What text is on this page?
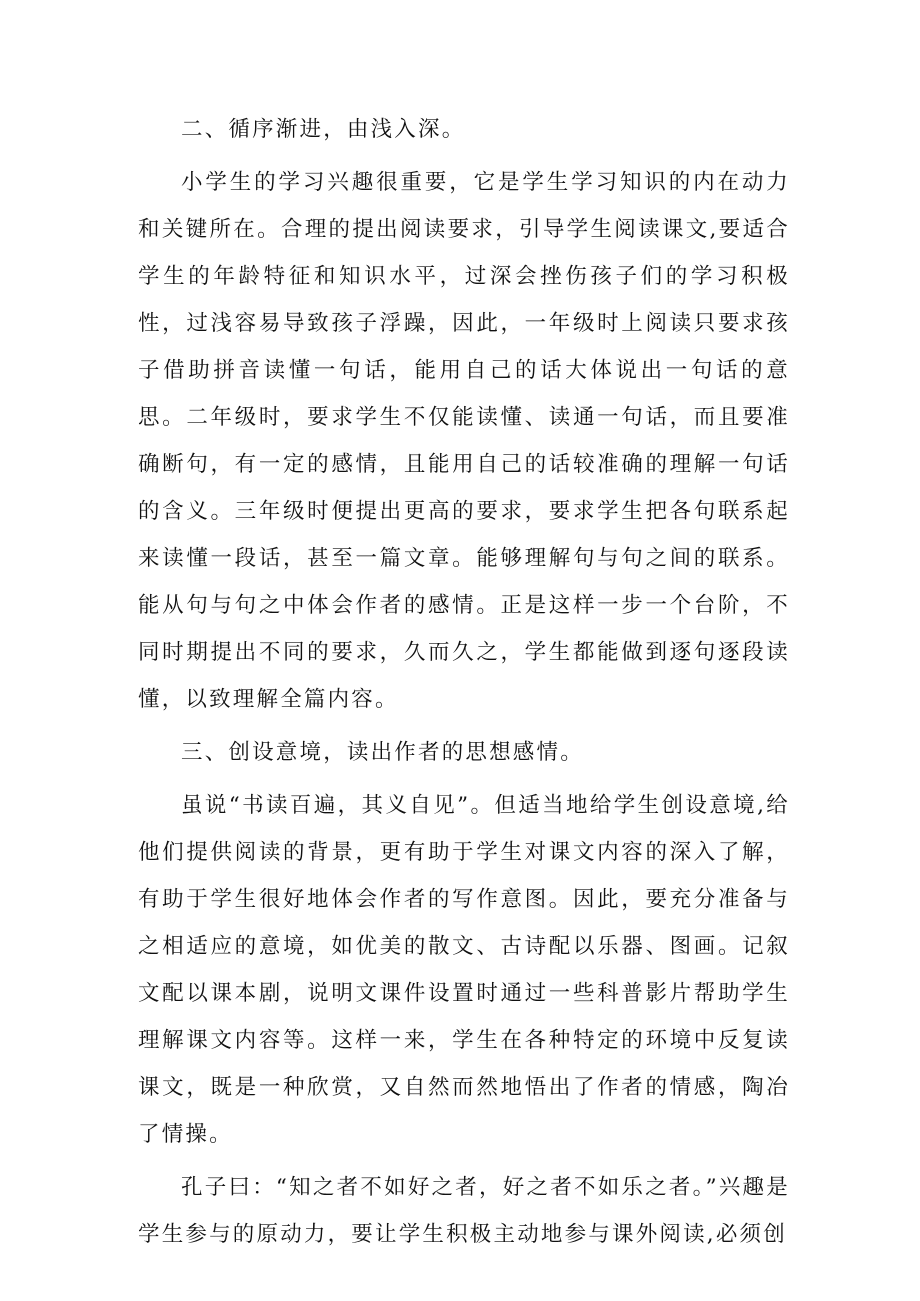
二、循序渐进，由浅入深。

小学生的学习兴趣很重要，它是学生学习知识的内在动力和关键所在。合理的提出阅读要求，引导学生阅读课文,要适合学生的年龄特征和知识水平，过深会挫伤孩子们的学习积极性，过浅容易导致孩子浮躁，因此，一年级时上阅读只要求孩子借助拼音读懂一句话，能用自己的话大体说出一句话的意思。二年级时，要求学生不仅能读懂、读通一句话，而且要准确断句，有一定的感情，且能用自己的话较准确的理解一句话的含义。三年级时便提出更高的要求，要求学生把各句联系起来读懂一段话，甚至一篇文章。能够理解句与句之间的联系。能从句与句之中体会作者的感情。正是这样一步一个台阶，不同时期提出不同的要求，久而久之，学生都能做到逐句逐段读懂，以致理解全篇内容。

三、创设意境，读出作者的思想感情。

虽说“书读百遍，其义自见”。但适当地给学生创设意境,给他们提供阅读的背景，更有助于学生对课文内容的深入了解，有助于学生很好地体会作者的写作意图。因此，要充分准备与之相适应的意境，如优美的散文、古诗配以乐器、图画。记叙文配以课本剧，说明文课件设置时通过一些科普影片帮助学生理解课文内容等。这样一来，学生在各种特定的环境中反复读课文，既是一种欣赏，又自然而然地悟出了作者的情感，陶冶了情操。

孔子曰：“知之者不如好之者，好之者不如乐之者。”兴趣是学生参与的原动力，要让学生积极主动地参与课外阅读,必须创
